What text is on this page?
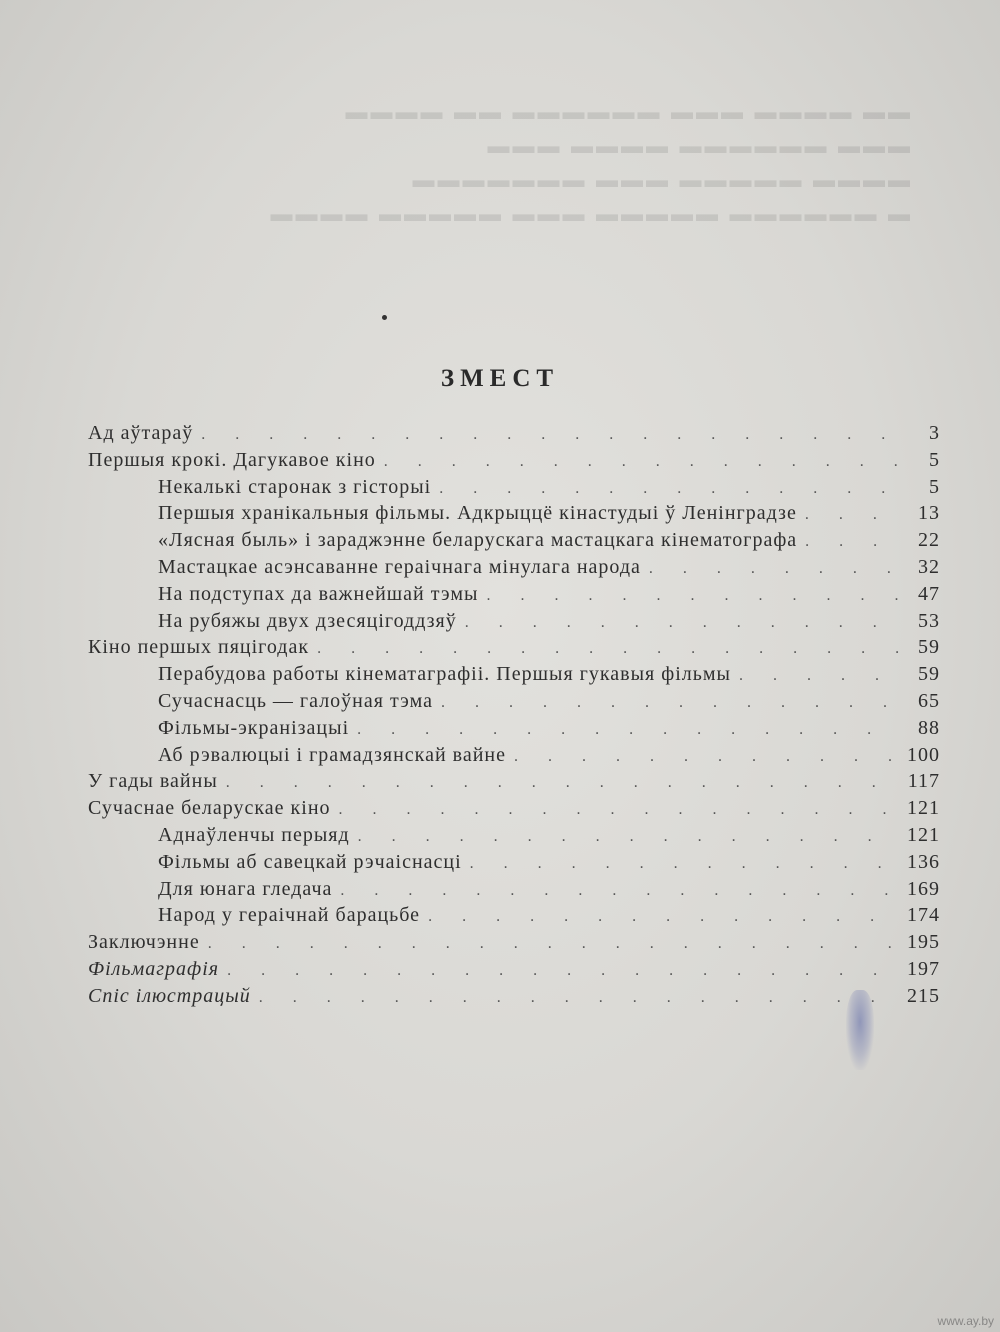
▬▬ ▬▬▬▬ ▬▬▬ ▬▬▬▬▬▬ ▬▬ ▬▬▬▬
▬▬▬ ▬▬▬▬▬▬ ▬▬▬▬ ▬▬▬
▬▬▬▬ ▬▬▬▬▬ ▬▬▬ ▬▬▬▬▬▬▬
▬ ▬▬▬▬▬▬ ▬▬▬▬▬ ▬▬▬ ▬▬▬▬▬ ▬▬▬▬
ЗМЕСТ
Ад аўтараў . . .	3
Першыя крокі. Дагукавое кіно . . .	5
Некалькі старонак з гісторыі . . .	5
Першыя хранікальныя фільмы. Адкрыццё кінастудыі ў Ленінградзе . . .	13
«Лясная быль» і зараджэнне беларускага мастацкага кінематографа . . .	22
Мастацкае асэнсаванне гераічнага мінулага народа . . .	32
На подступах да важнейшай тэмы . . .	47
На рубяжы двух дзесяцігоддзяў . . .	53
Кіно першых пяцігодак . . .	59
Перабудова работы кінематаграфіі. Першыя гукавыя фільмы . . .	59
Сучаснасць — галоўная тэма . . .	65
Фільмы-экранізацыі . . .	88
Аб рэвалюцыі і грамадзянскай вайне . . .	100
У гады вайны . . .	117
Сучаснае беларускае кіно . . .	121
Аднаўленчы перыяд . . .	121
Фільмы аб савецкай рэчаіснасці . . .	136
Для юнага гледача . . .	169
Народ у гераічнай барацьбе . . .	174
Заключэнне . . .	195
Фільмаграфія . . .	197
Спіс ілюстрацый . . .	215
www.ay.by
